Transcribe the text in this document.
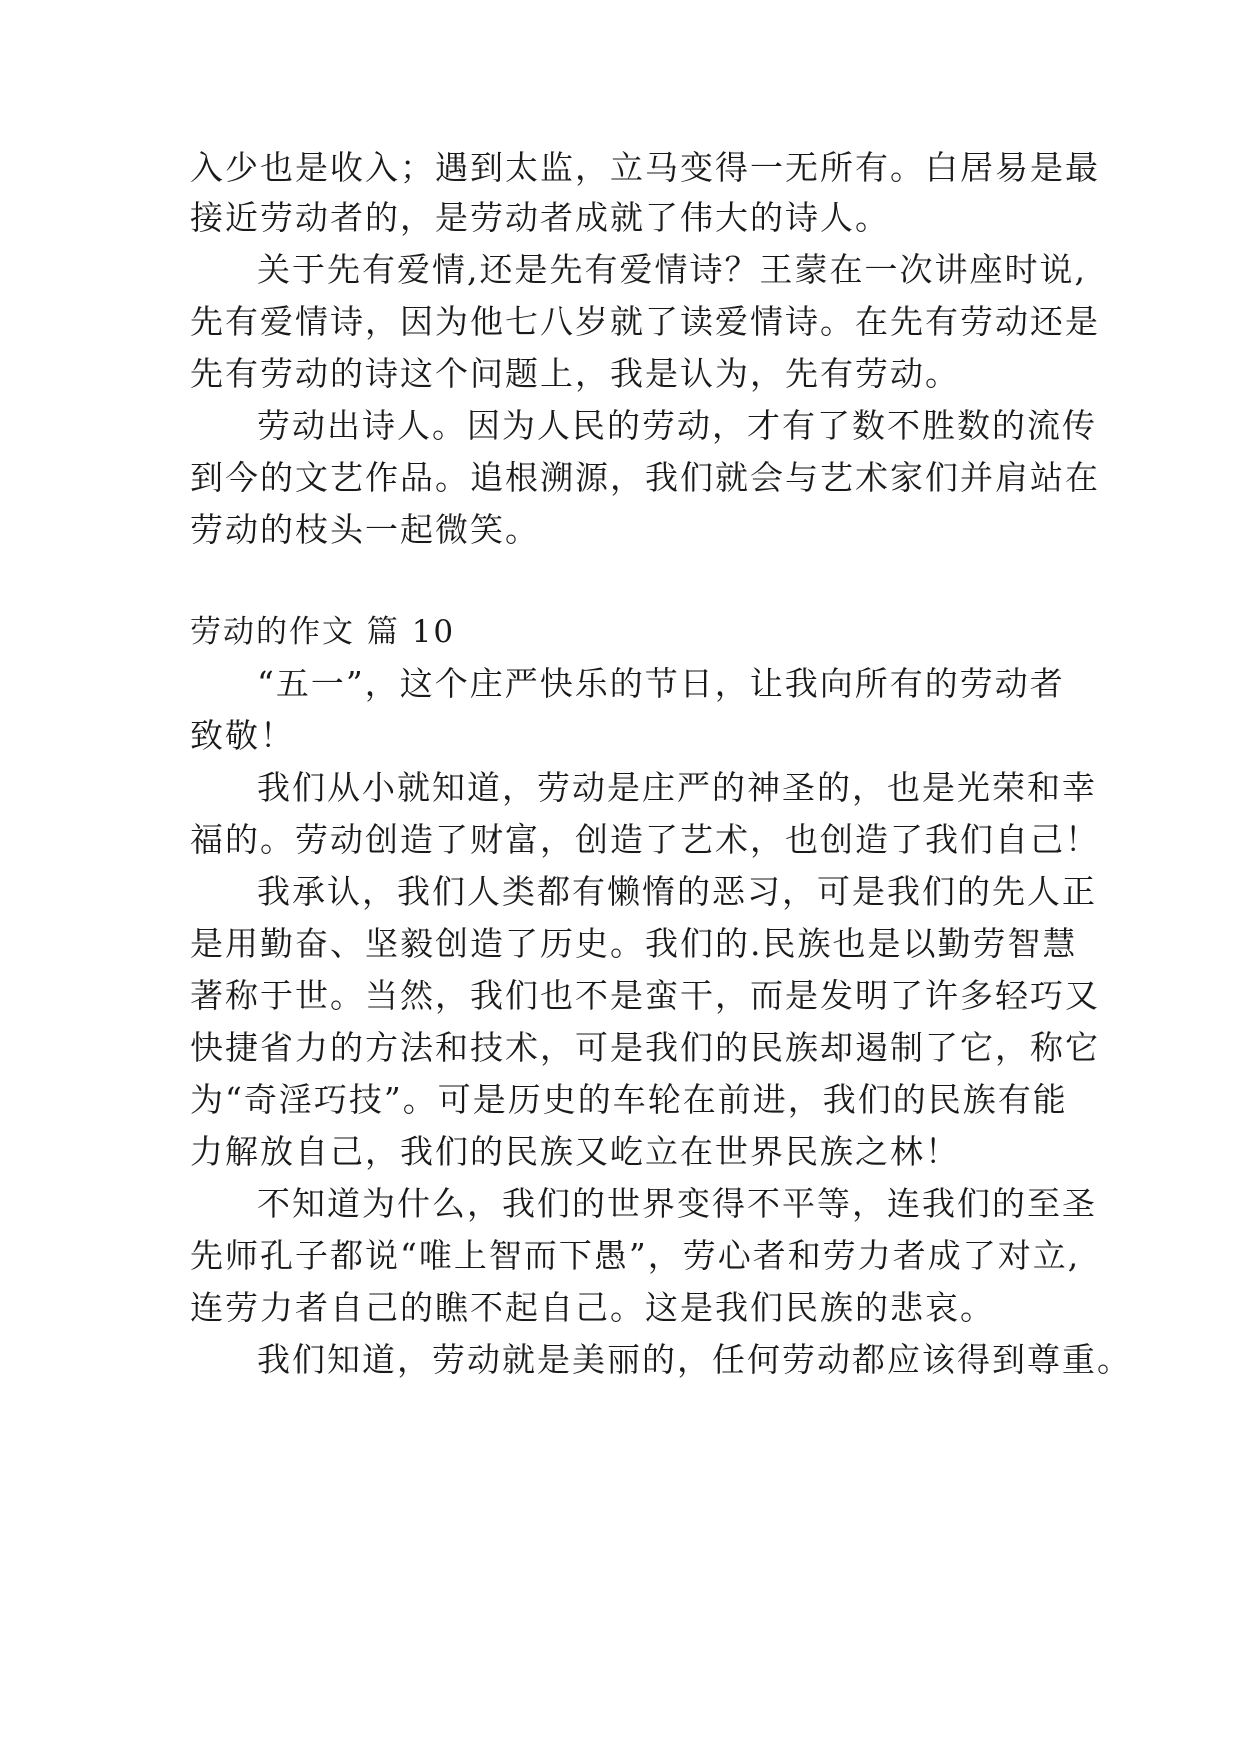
入少也是收入；遇到太监，立马变得一无所有。白居易是最
接近劳动者的，是劳动者成就了伟大的诗人。
关于先有爱情,还是先有爱情诗？王蒙在一次讲座时说,
先有爱情诗，因为他七八岁就了读爱情诗。在先有劳动还是
先有劳动的诗这个问题上，我是认为，先有劳动。
劳动出诗人。因为人民的劳动，才有了数不胜数的流传
到今的文艺作品。追根溯源，我们就会与艺术家们并肩站在
劳动的枝头一起微笑。
劳动的作文 篇 10
“五一”，这个庄严快乐的节日，让我向所有的劳动者
致敬！
我们从小就知道，劳动是庄严的神圣的，也是光荣和幸
福的。劳动创造了财富，创造了艺术，也创造了我们自己！
我承认，我们人类都有懒惰的恶习，可是我们的先人正
是用勤奋、坚毅创造了历史。我们的.民族也是以勤劳智慧
著称于世。当然，我们也不是蛮干，而是发明了许多轻巧又
快捷省力的方法和技术，可是我们的民族却遏制了它，称它
为“奇淫巧技”。可是历史的车轮在前进，我们的民族有能
力解放自己，我们的民族又屹立在世界民族之林！
不知道为什么，我们的世界变得不平等，连我们的至圣
先师孔子都说“唯上智而下愚”，劳心者和劳力者成了对立,
连劳力者自己的瞧不起自己。这是我们民族的悲哀。
我们知道，劳动就是美丽的，任何劳动都应该得到尊重。
